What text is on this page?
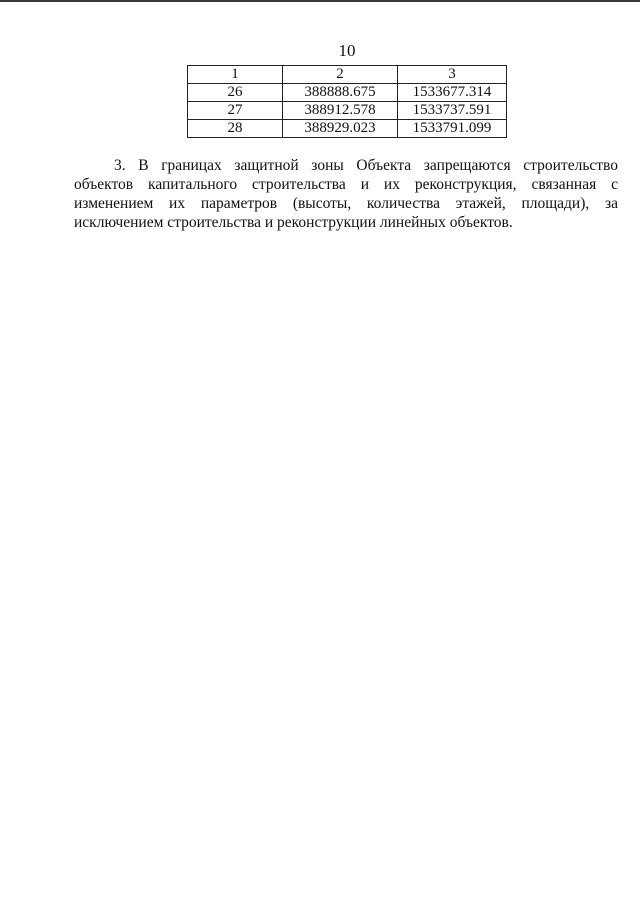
10
1	2	3
26	388888.675	1533677.314
27	388912.578	1533737.591
28	388929.023	1533791.099

3. В границах защитной зоны Объекта запрещаются строительство объектов капитального строительства и их реконструкция, связанная с изменением их параметров (высоты, количества этажей, площади), за исключением строительства и реконструкции линейных объектов.
